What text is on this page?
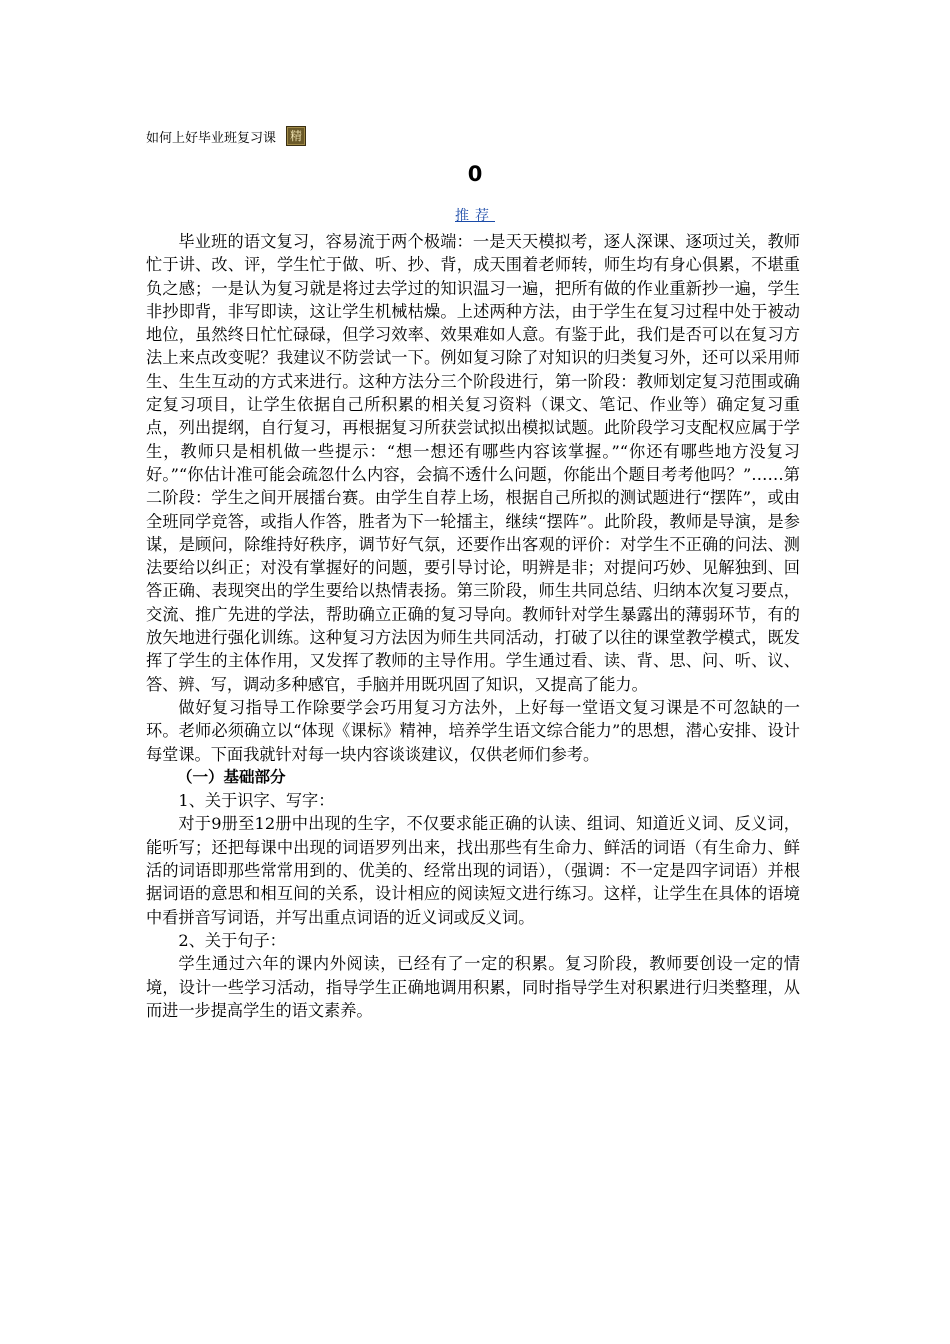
如何上好毕业班复习课	精
0
推荐

毕业班的语文复习，容易流于两个极端：一是天天模拟考，逐人深课、逐项过关，教师忙于讲、改、评，学生忙于做、听、抄、背，成天围着老师转，师生均有身心俱累，不堪重负之感；一是认为复习就是将过去学过的知识温习一遍，把所有做的作业重新抄一遍，学生非抄即背，非写即读，这让学生机械枯燥。上述两种方法，由于学生在复习过程中处于被动地位，虽然终日忙忙碌碌，但学习效率、效果难如人意。有鉴于此，我们是否可以在复习方法上来点改变呢？我建议不防尝试一下。例如复习除了对知识的归类复习外，还可以采用师生、生生互动的方式来进行。这种方法分三个阶段进行，第一阶段：教师划定复习范围或确定复习项目，让学生依据自己所积累的相关复习资料（课文、笔记、作业等）确定复习重点，列出提纲，自行复习，再根据复习所获尝试拟出模拟试题。此阶段学习支配权应属于学生，教师只是相机做一些提示：“想一想还有哪些内容该掌握。”“你还有哪些地方没复习好。”“你估计准可能会疏忽什么内容，会搞不透什么问题，你能出个题目考考他吗？”……第二阶段：学生之间开展擂台赛。由学生自荐上场，根据自己所拟的测试题进行“摆阵”，或由全班同学竞答，或指人作答，胜者为下一轮擂主，继续“摆阵”。此阶段，教师是导演，是参谋，是顾问，除维持好秩序，调节好气氛，还要作出客观的评价：对学生不正确的问法、测法要给以纠正；对没有掌握好的问题，要引导讨论，明辨是非；对提问巧妙、见解独到、回答正确、表现突出的学生要给以热情表扬。第三阶段，师生共同总结、归纳本次复习要点，交流、推广先进的学法，帮助确立正确的复习导向。教师针对学生暴露出的薄弱环节，有的放矢地进行强化训练。这种复习方法因为师生共同活动，打破了以往的课堂教学模式，既发挥了学生的主体作用，又发挥了教师的主导作用。学生通过看、读、背、思、问、听、议、答、辨、写，调动多种感官，手脑并用既巩固了知识，又提高了能力。

做好复习指导工作除要学会巧用复习方法外，上好每一堂语文复习课是不可忽缺的一环。老师必须确立以“体现《课标》精神，培养学生语文综合能力”的思想，潜心安排、设计每堂课。下面我就针对每一块内容谈谈建议，仅供老师们参考。

（一）基础部分

1、关于识字、写字：

对于9册至12册中出现的生字，不仅要求能正确的认读、组词、知道近义词、反义词，能听写；还把每课中出现的词语罗列出来，找出那些有生命力、鲜活的词语（有生命力、鲜活的词语即那些常常用到的、优美的、经常出现的词语），（强调：不一定是四字词语）并根据词语的意思和相互间的关系，设计相应的阅读短文进行练习。这样，让学生在具体的语境中看拼音写词语，并写出重点词语的近义词或反义词。

2、关于句子：

学生通过六年的课内外阅读，已经有了一定的积累。复习阶段，教师要创设一定的情境，设计一些学习活动，指导学生正确地调用积累，同时指导学生对积累进行归类整理，从而进一步提高学生的语文素养。
